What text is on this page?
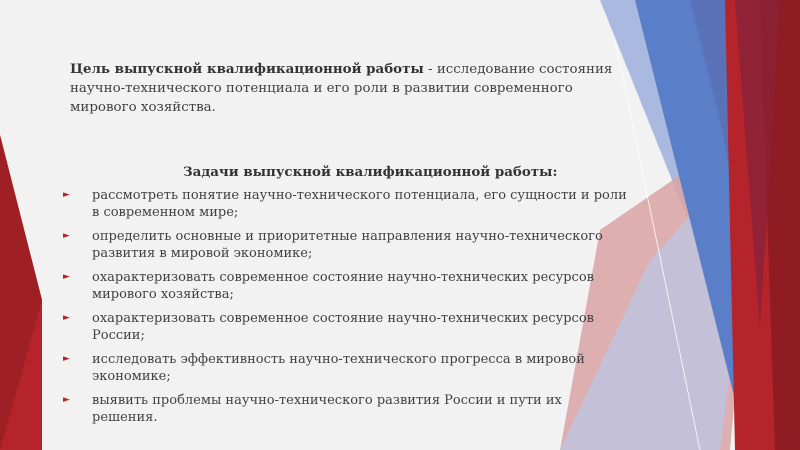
Цель выпускной квалификационной работы - исследование состояния научно-технического потенциала и его роли в развитии современного мирового хозяйства.
Задачи выпускной квалификационной работы:
► рассмотреть понятие научно-технического потенциала, его сущности и роли в современном мире;
► определить основные и приоритетные направления научно-технического развития в мировой экономике;
► охарактеризовать современное состояние научно-технических ресурсов мирового хозяйства;
► охарактеризовать современное состояние научно-технических ресурсов России;
► исследовать эффективность научно-технического прогресса в мировой экономике;
► выявить проблемы научно-технического развития России и пути их решения.
